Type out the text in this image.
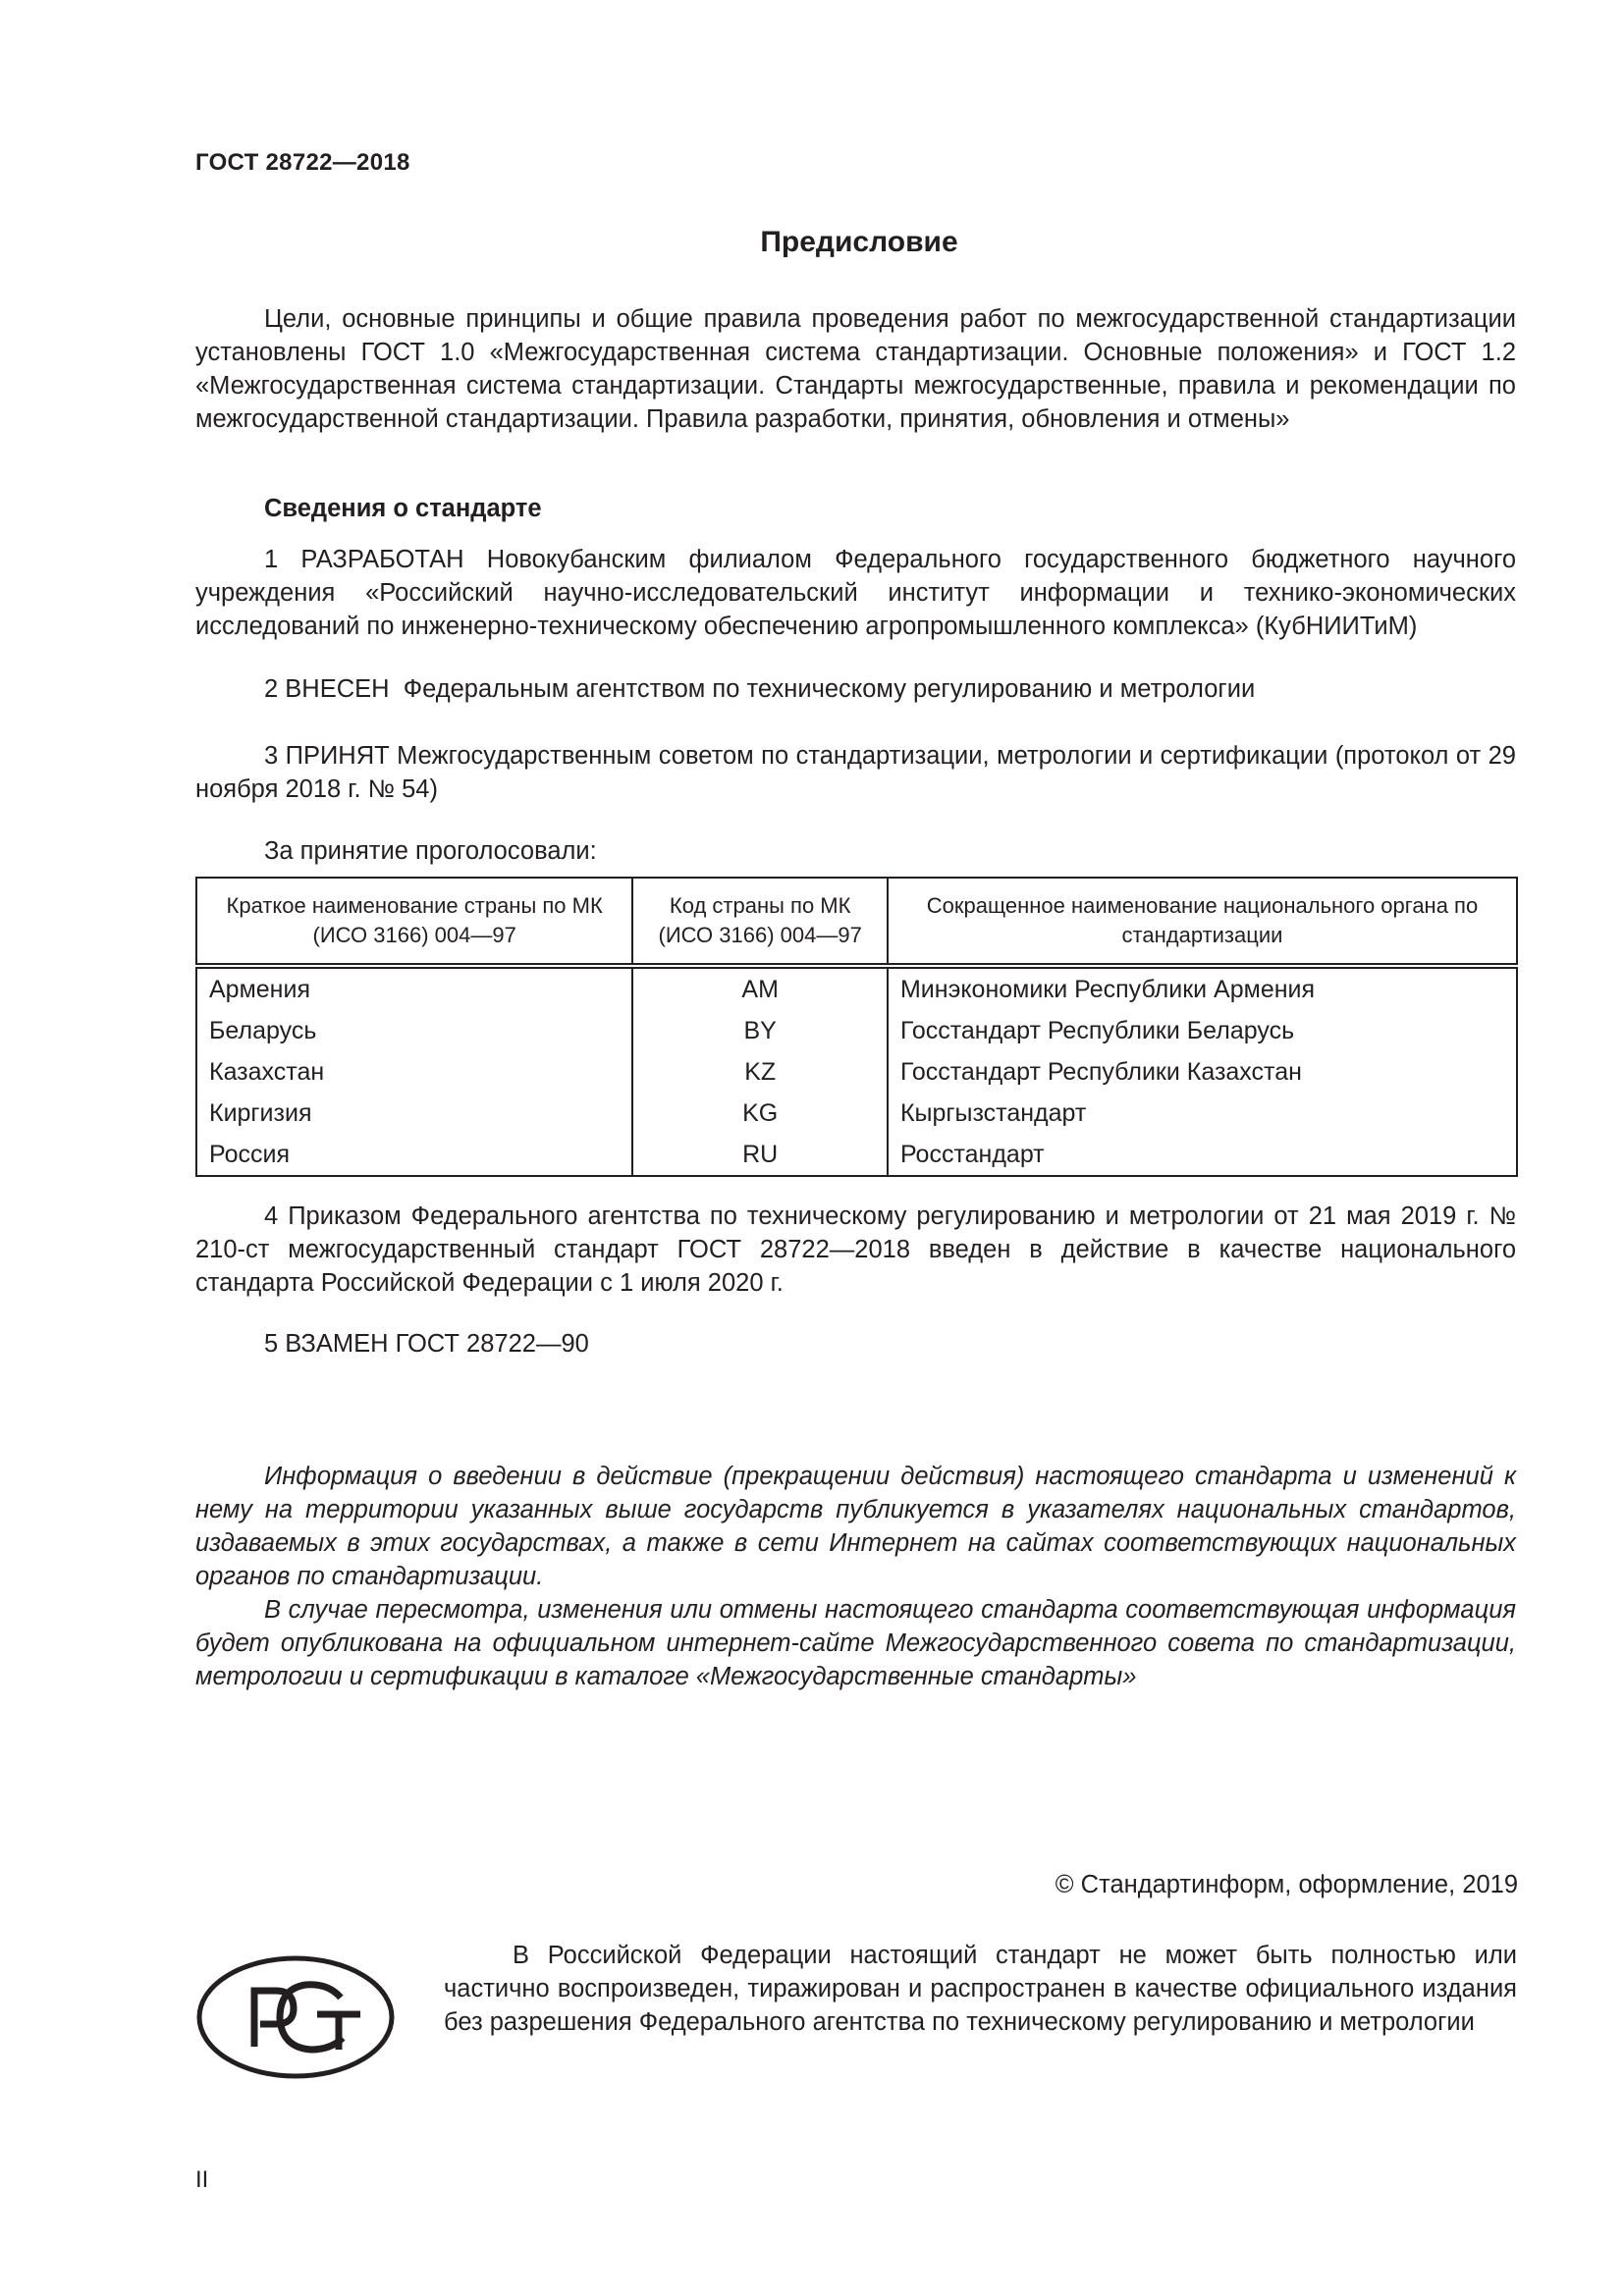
ГОСТ 28722—2018
Предисловие

Цели, основные принципы и общие правила проведения работ по межгосударственной стандартизации установлены ГОСТ 1.0 «Межгосударственная система стандартизации. Основные положения» и ГОСТ 1.2 «Межгосударственная система стандартизации. Стандарты межгосударственные, правила и рекомендации по межгосударственной стандартизации. Правила разработки, принятия, обновления и отмены»

Сведения о стандарте

1 РАЗРАБОТАН Новокубанским филиалом Федерального государственного бюджетного научного учреждения «Российский научно-исследовательский институт информации и технико-экономических исследований по инженерно-техническому обеспечению агропромышленного комплекса» (КубНИИТиМ)

2 ВНЕСЕН  Федеральным агентством по техническому регулированию и метрологии

3 ПРИНЯТ Межгосударственным советом по стандартизации, метрологии и сертификации (протокол от 29 ноября 2018 г. № 54)

За принятие проголосовали:
Краткое наименование страны по МК (ИСО 3166) 004—97	Код страны по МК (ИСО 3166) 004—97	Сокращенное наименование национального органа по стандартизации
Армения	AM	Минэкономики Республики Армения
Беларусь	BY	Госстандарт Республики Беларусь
Казахстан	KZ	Госстандарт Республики Казахстан
Киргизия	KG	Кыргызстандарт
Россия	RU	Росстандарт

4 Приказом Федерального агентства по техническому регулированию и метрологии от 21 мая 2019 г. № 210-ст межгосударственный стандарт ГОСТ 28722—2018 введен в действие в качестве национального стандарта Российской Федерации с 1 июля 2020 г.

5 ВЗАМЕН ГОСТ 28722—90

Информация о введении в действие (прекращении действия) настоящего стандарта и изменений к нему на территории указанных выше государств публикуется в указателях национальных стандартов, издаваемых в этих государствах, а также в сети Интернет на сайтах соответствующих национальных органов по стандартизации.

В случае пересмотра, изменения или отмены настоящего стандарта соответствующая информация будет опубликована на официальном интернет-сайте Межгосударственного совета по стандартизации, метрологии и сертификации в каталоге «Межгосударственные стандарты»

© Стандартинформ, оформление, 2019

В Российской Федерации настоящий стандарт не может быть полностью или частично воспроизведен, тиражирован и распространен в качестве официального издания без разрешения Федерального агентства по техническому регулированию и метрологии

II
